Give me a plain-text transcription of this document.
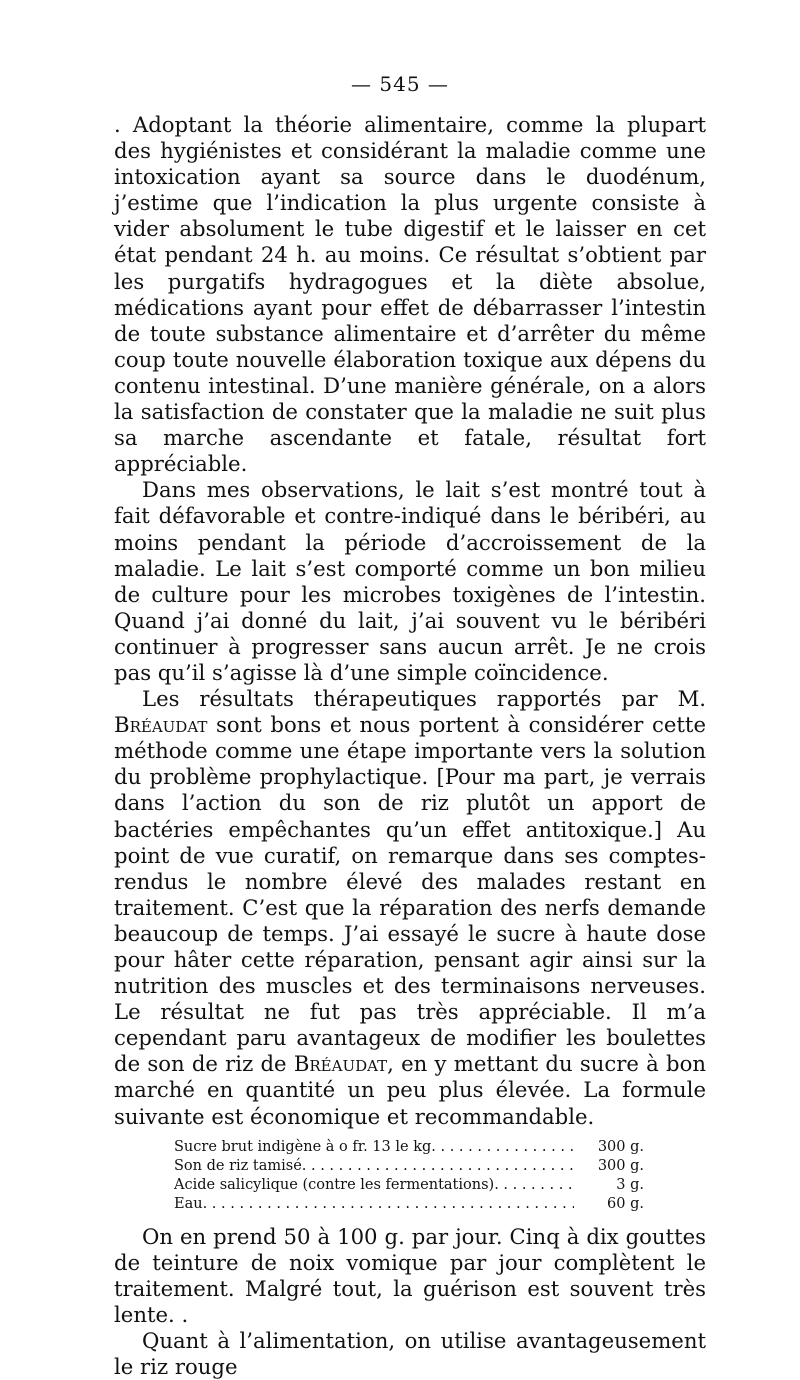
— 545 —

. Adoptant la théorie alimentaire, comme la plupart des hygiénistes et considérant la maladie comme une intoxication ayant sa source dans le duodénum, j’estime que l’indication la plus urgente consiste à vider absolument le tube digestif et le laisser en cet état pendant 24 h. au moins. Ce résultat s’obtient par les purgatifs hydragogues et la diète absolue, médications ayant pour effet de débarrasser l’intestin de toute substance alimentaire et d’arrêter du même coup toute nouvelle élaboration toxique aux dépens du contenu intestinal. D’une manière générale, on a alors la satisfaction de constater que la maladie ne suit plus sa marche ascendante et fatale, résultat fort appréciable.

Dans mes observations, le lait s’est montré tout à fait défavorable et contre-indiqué dans le béribéri, au moins pendant la période d’accroissement de la maladie. Le lait s’est comporté comme un bon milieu de culture pour les microbes toxigènes de l’intestin. Quand j’ai donné du lait, j’ai souvent vu le béribéri continuer à progresser sans aucun arrêt. Je ne crois pas qu’il s’agisse là d’une simple coïncidence.

Les résultats thérapeutiques rapportés par M. Bréaudat sont bons et nous portent à considérer cette méthode comme une étape importante vers la solution du problème prophylactique. [Pour ma part, je verrais dans l’action du son de riz plutôt un apport de bactéries empêchantes qu’un effet antitoxique.] Au point de vue curatif, on remarque dans ses comptes-rendus le nombre élevé des malades restant en traitement. C’est que la réparation des nerfs demande beaucoup de temps. J’ai essayé le sucre à haute dose pour hâter cette réparation, pensant agir ainsi sur la nutrition des muscles et des terminaisons nerveuses. Le résultat ne fut pas très appréciable. Il m’a cependant paru avantageux de modifier les boulettes de son de riz de Bréaudat, en y mettant du sucre à bon marché en quantité un peu plus élevée. La formule suivante est économique et recommandable.

Sucre brut indigène à o fr. 13 le kg . . .	300 g.
Son de riz tamisé . . .	300 g.
Acide salicylique (contre les fermentations) . . .	3 g.
Eau . . .	60 g.

On en prend 50 à 100 g. par jour. Cinq à dix gouttes de teinture de noix vomique par jour complètent le traitement. Malgré tout, la guérison est souvent très lente. .

Quant à l’alimentation, on utilise avantageusement le riz rouge
